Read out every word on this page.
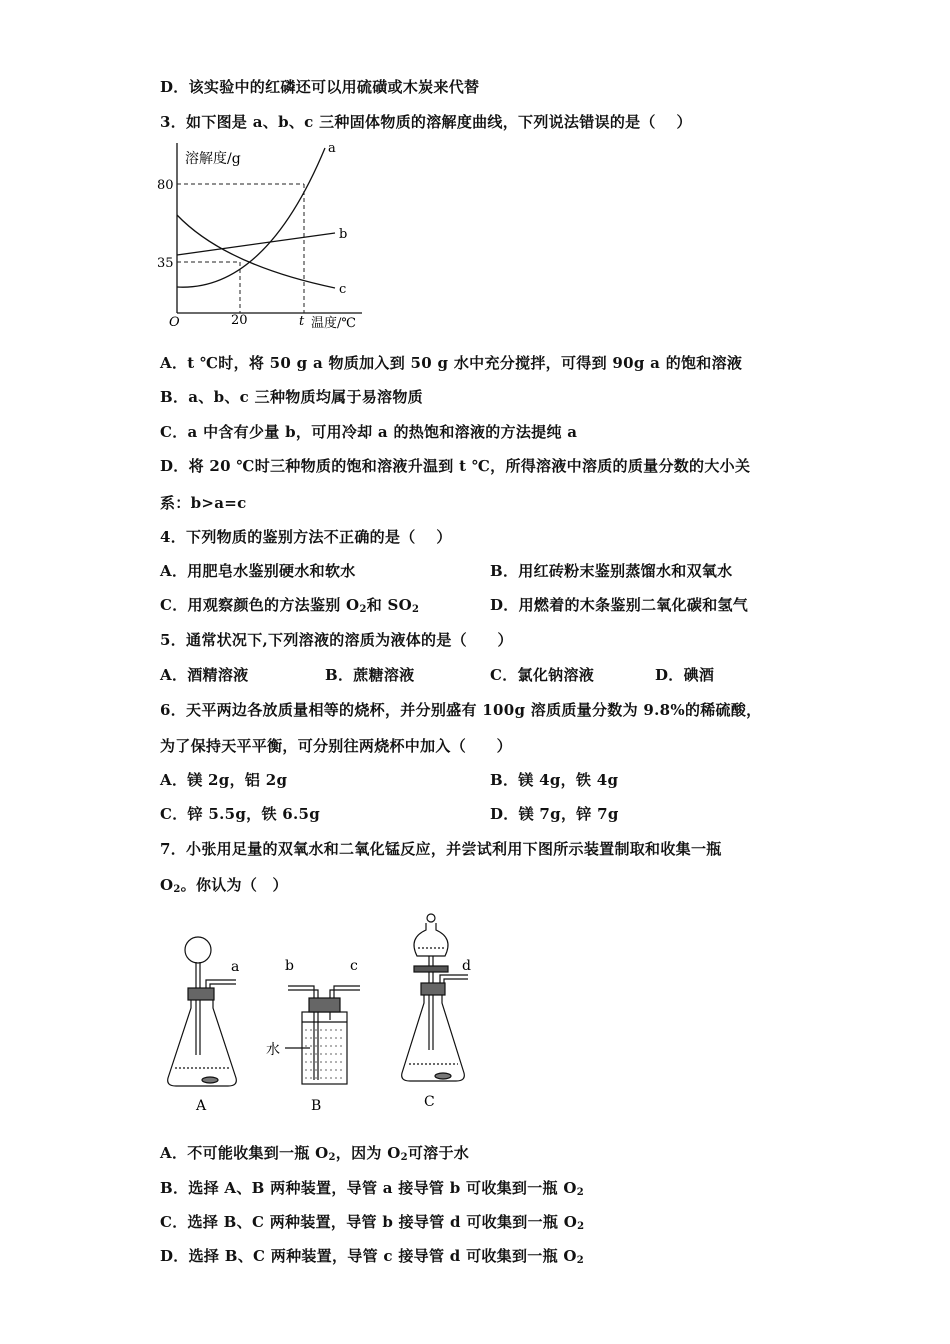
D．该实验中的红磷还可以用硫磺或木炭来代替
3．如下图是 a、b、c 三种固体物质的溶解度曲线，下列说法错误的是（　 ）
溶解度/g
温度/℃
O
80
35
20	t
a
b
c
A．t ℃时，将 50 g a 物质加入到 50 g 水中充分搅拌，可得到 90g a 的饱和溶液
B．a、b、c 三种物质均属于易溶物质
C．a 中含有少量 b，可用冷却 a 的热饱和溶液的方法提纯 a
D．将 20 ℃时三种物质的饱和溶液升温到 t ℃，所得溶液中溶质的质量分数的大小关
系：b>a=c
4．下列物质的鉴别方法不正确的是（　 ）
A．用肥皂水鉴别硬水和软水	B．用红砖粉末鉴别蒸馏水和双氧水
C．用观察颜色的方法鉴别 $O_2$和 $SO_2$	D．用燃着的木条鉴别二氧化碳和氢气
5．通常状况下,下列溶液的溶质为液体的是（　　）
A．酒精溶液	B．蔗糖溶液	C．氯化钠溶液	D．碘酒
6．天平两边各放质量相等的烧杯，并分别盛有 100g 溶质质量分数为 9.8%的稀硫酸，
为了保持天平平衡，可分别往两烧杯中加入（　　）
A．镁 2g，铝 2g	B．镁 4g，铁 4g
C．锌 5.5g，铁 6.5g	D．镁 7g，锌 7g
7．小张用足量的双氧水和二氧化锰反应，并尝试利用下图所示装置制取和收集一瓶
$O_2$。你认为（　）
a
A
b	c
水
B
d
C
A．不可能收集到一瓶 $O_2$，因为 $O_2$可溶于水
B．选择 A、B 两种装置，导管 a 接导管 b 可收集到一瓶 $O_2$
C．选择 B、C 两种装置，导管 b 接导管 d 可收集到一瓶 $O_2$
D．选择 B、C 两种装置，导管 c 接导管 d 可收集到一瓶 $O_2$
